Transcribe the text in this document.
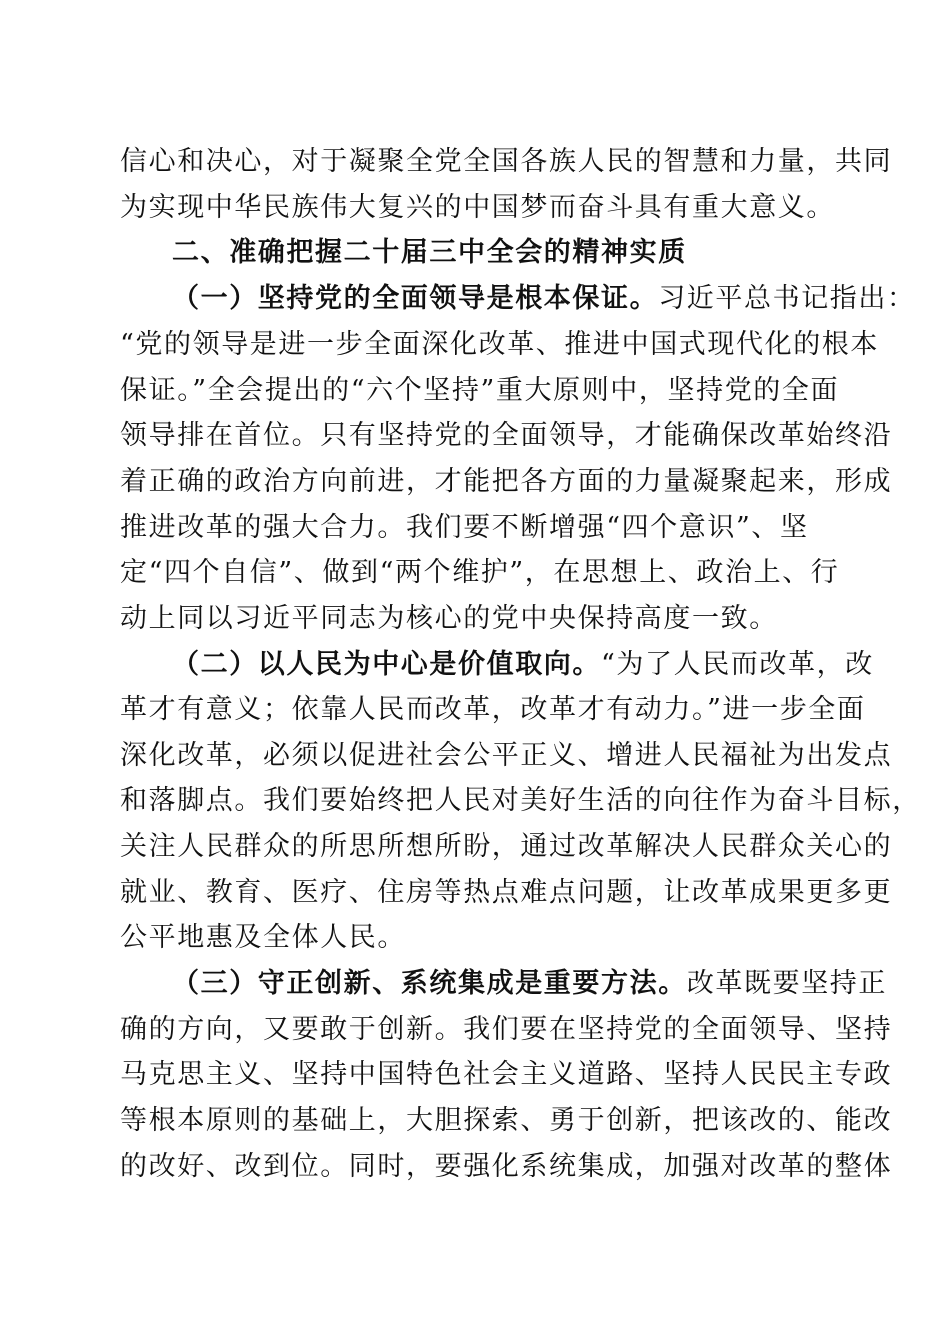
信心和决心，对于凝聚全党全国各族人民的智慧和力量，共同
为实现中华民族伟大复兴的中国梦而奋斗具有重大意义。
二、准确把握二十届三中全会的精神实质
（一）坚持党的全面领导是根本保证。习近平总书记指出：
“党的领导是进一步全面深化改革、推进中国式现代化的根本
保证。”全会提出的“六个坚持”重大原则中，坚持党的全面
领导排在首位。只有坚持党的全面领导，才能确保改革始终沿
着正确的政治方向前进，才能把各方面的力量凝聚起来，形成
推进改革的强大合力。我们要不断增强“四个意识”、坚
定“四个自信”、做到“两个维护”，在思想上、政治上、行
动上同以习近平同志为核心的党中央保持高度一致。
（二）以人民为中心是价值取向。“为了人民而改革，改
革才有意义；依靠人民而改革，改革才有动力。”进一步全面
深化改革，必须以促进社会公平正义、增进人民福祉为出发点
和落脚点。我们要始终把人民对美好生活的向往作为奋斗目标，
关注人民群众的所思所想所盼，通过改革解决人民群众关心的
就业、教育、医疗、住房等热点难点问题，让改革成果更多更
公平地惠及全体人民。
（三）守正创新、系统集成是重要方法。改革既要坚持正
确的方向，又要敢于创新。我们要在坚持党的全面领导、坚持
马克思主义、坚持中国特色社会主义道路、坚持人民民主专政
等根本原则的基础上，大胆探索、勇于创新，把该改的、能改
的改好、改到位。同时，要强化系统集成，加强对改革的整体
